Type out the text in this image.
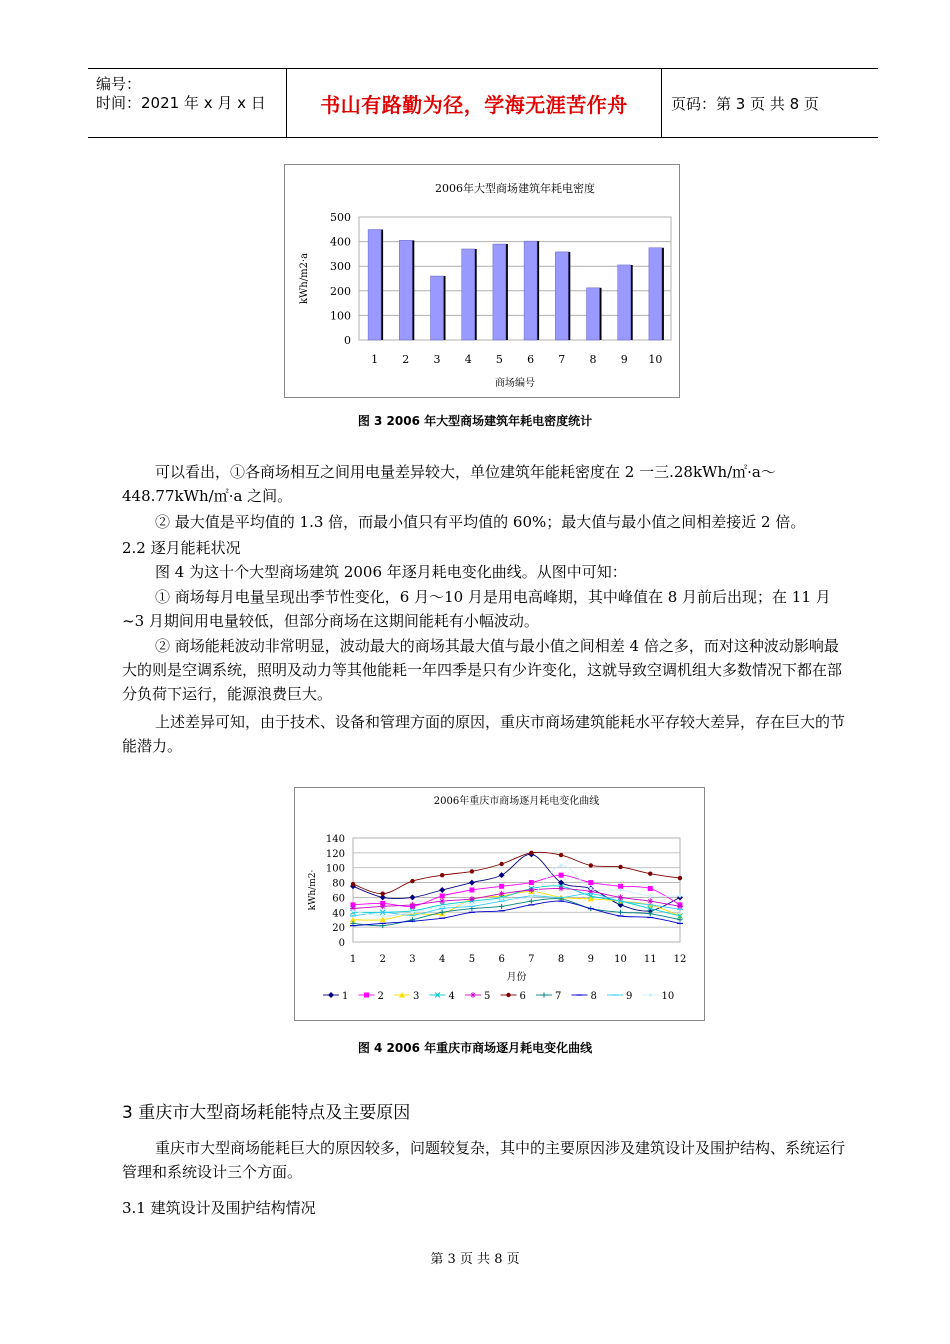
编号：
时间：2021 年 x 月 x 日	书山有路勤为径，学海无涯苦作舟	页码：第 3 页 共 8 页
2006年大型商场建筑年耗电密度
0
100
200
300
400
500
1 2 3 4 5 6 7 8 9 10
商场编号
kWh/m2·a
图 3 2006 年大型商场建筑年耗电密度统计
可以看出，①各商场相互之间用电量差异较大，单位建筑年能耗密度在 2 一三.28kWh/㎡·a～448.77kWh/㎡·a 之间。
② 最大值是平均值的 1.3 倍，而最小值只有平均值的 60%；最大值与最小值之间相差接近 2 倍。
2.2 逐月能耗状况
图 4 为这十个大型商场建筑 2006 年逐月耗电变化曲线。从图中可知：
① 商场每月电量呈现出季节性变化，6 月～10 月是用电高峰期，其中峰值在 8 月前后出现；在 11 月~3 月期间用电量较低，但部分商场在这期间能耗有小幅波动。
② 商场能耗波动非常明显，波动最大的商场其最大值与最小值之间相差 4 倍之多，而对这种波动影响最大的则是空调系统，照明及动力等其他能耗一年四季是只有少许变化，这就导致空调机组大多数情况下都在部分负荷下运行，能源浪费巨大。
上述差异可知，由于技术、设备和管理方面的原因，重庆市商场建筑能耗水平存较大差异，存在巨大的节能潜力。
2006年重庆市商场逐月耗电变化曲线
0
20
40
60
80
100
120
140
1 2 3 4 5 6 7 8 9 10 11 12
月份
kWh/m2·
1	2	3	4	5	6	7	8	9	10
图 4 2006 年重庆市商场逐月耗电变化曲线
3 重庆市大型商场耗能特点及主要原因
重庆市大型商场能耗巨大的原因较多，问题较复杂，其中的主要原因涉及建筑设计及围护结构、系统运行管理和系统设计三个方面。
3.1 建筑设计及围护结构情况
第 3 页 共 8 页
